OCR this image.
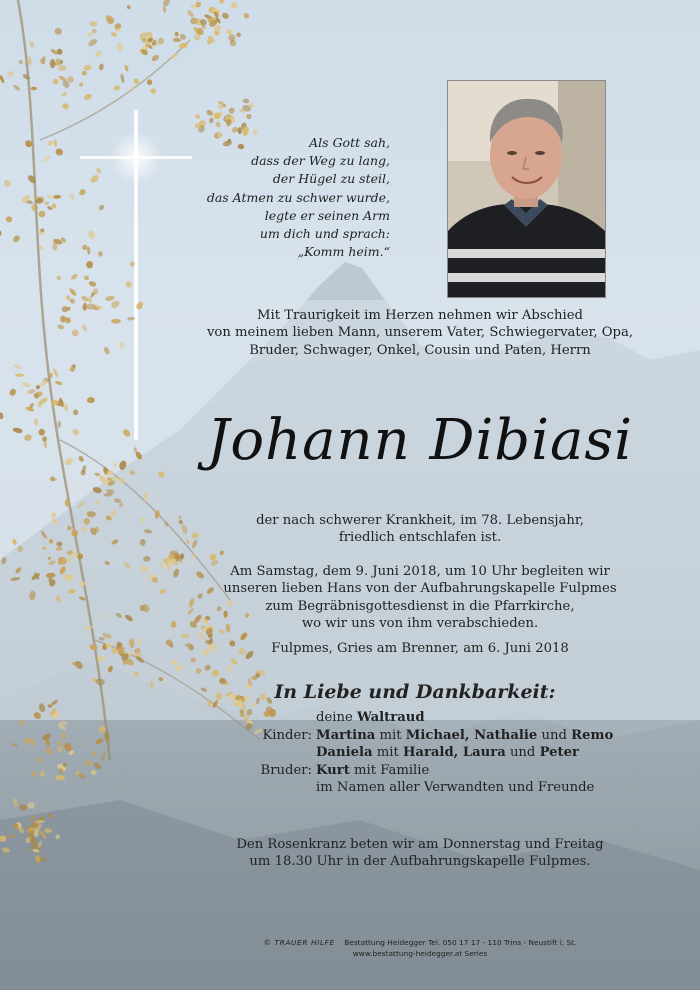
Als Gott sah,
dass der Weg zu lang,
der Hügel zu steil,
das Atmen zu schwer wurde,
legte er seinen Arm
um dich und sprach:
„Komm heim.“
Mit Traurigkeit im Herzen nehmen wir Abschied
von meinem lieben Mann, unserem Vater, Schwiegervater, Opa,
Bruder, Schwager, Onkel, Cousin und Paten, Herrn
Johann Dibiasi
der nach schwerer Krankheit, im 78. Lebensjahr,
friedlich entschlafen ist.
Am Samstag, dem 9. Juni 2018, um 10 Uhr begleiten wir
unseren lieben Hans von der Aufbahrungskapelle Fulpmes
zum Begräbnisgottesdienst in die Pfarrkirche,
wo wir uns von ihm verabschieden.
Fulpmes, Gries am Brenner, am 6. Juni 2018
In Liebe und Dankbarkeit:
deine Waltraud
Kinder: Martina mit Michael, Nathalie und Remo
Daniela mit Harald, Laura und Peter
Bruder: Kurt mit Familie
im Namen aller Verwandten und Freunde
Den Rosenkranz beten wir am Donnerstag und Freitag
um 18.30 Uhr in der Aufbahrungskapelle Fulpmes.
© TRAUER HILFE Bestattung Heidegger Tel. 050 17 17 - 110 Trins - Neustift i. St.
www.bestattung-heidegger.at Series
